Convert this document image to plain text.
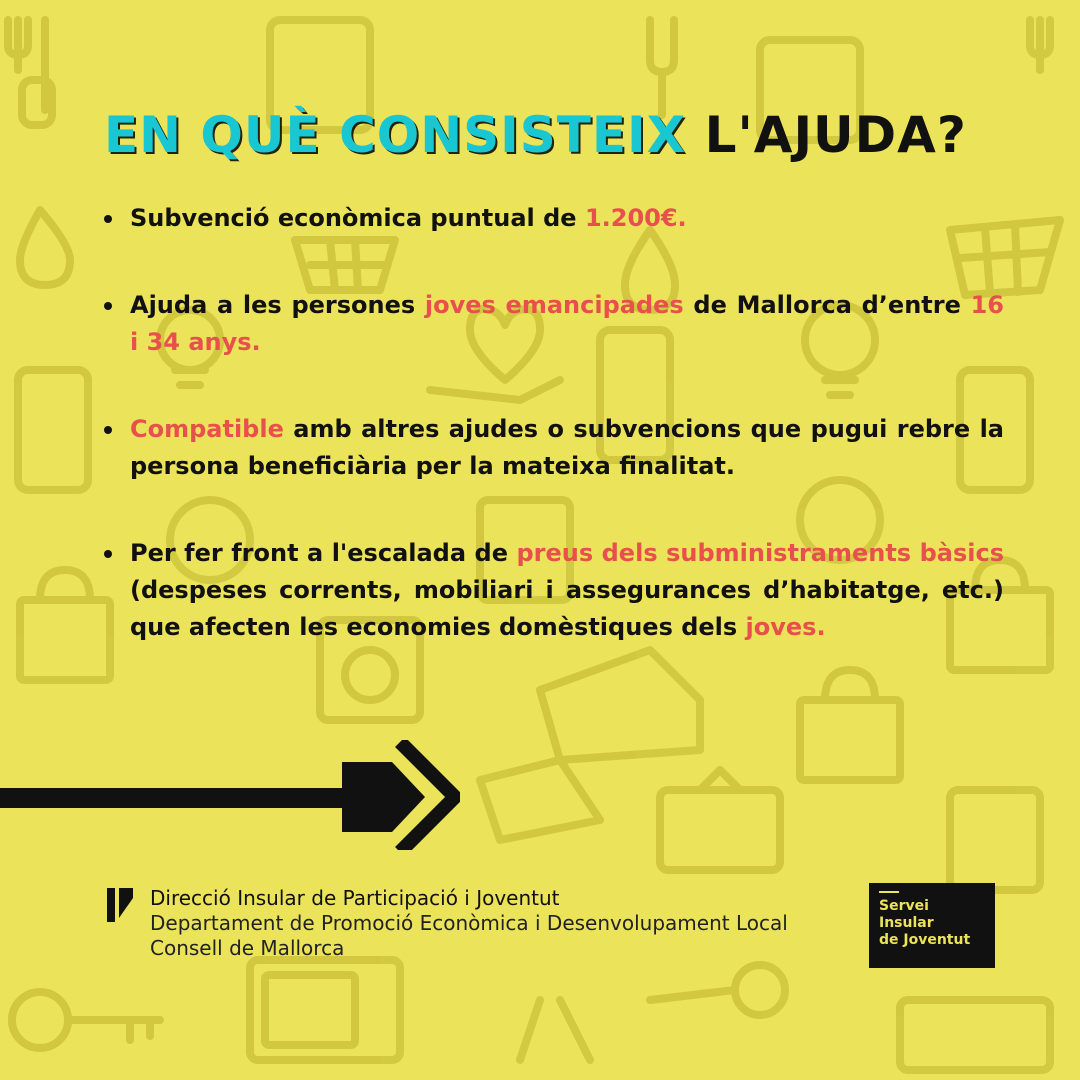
EN QUÈ CONSISTEIX L'AJUDA?
Subvenció econòmica puntual de 1.200€.
Ajuda a les persones joves emancipades de Mallorca d’entre 16 i 34 anys.
Compatible amb altres ajudes o subvencions que pugui rebre la persona beneficiària per la mateixa finalitat.
Per fer front a l'escalada de preus dels subministraments bàsics (despeses corrents, mobiliari i assegurances d’habitatge, etc.) que afecten les economies domèstiques dels joves.
Direcció Insular de Participació i Joventut
Departament de Promoció Econòmica i Desenvolupament Local
Consell de Mallorca
Servei
Insular
de Joventut
